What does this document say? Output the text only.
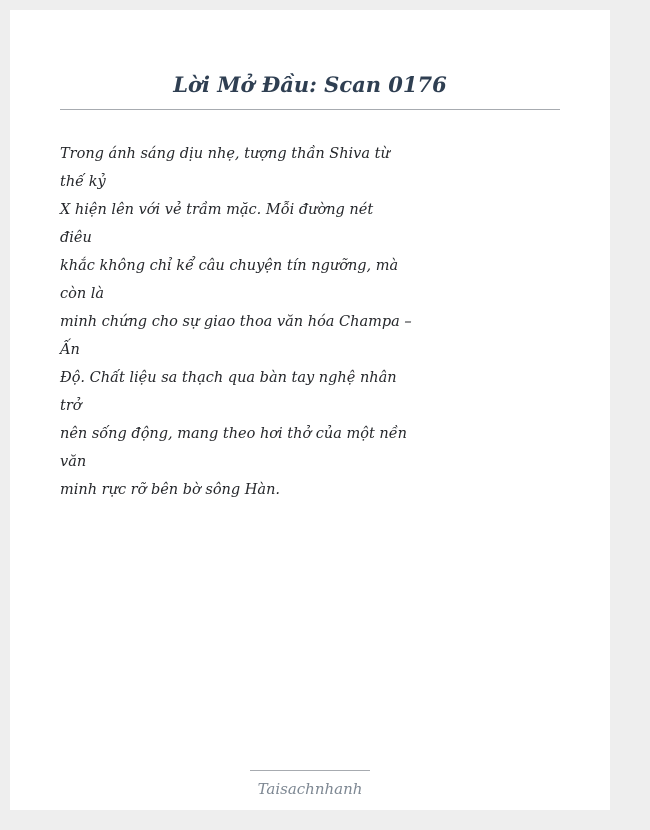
Lời Mở Đầu: Scan 0176
Trong ánh sáng dịu nhẹ, tượng thần Shiva từ
thế kỷ
X hiện lên với vẻ trầm mặc. Mỗi đường nét
điêu
khắc không chỉ kể câu chuyện tín ngưỡng, mà
còn là
minh chứng cho sự giao thoa văn hóa Champa –
Ấn
Độ. Chất liệu sa thạch qua bàn tay nghệ nhân
trở
nên sống động, mang theo hơi thở của một nền
văn
minh rực rỡ bên bờ sông Hàn.
Taisachnhanh
